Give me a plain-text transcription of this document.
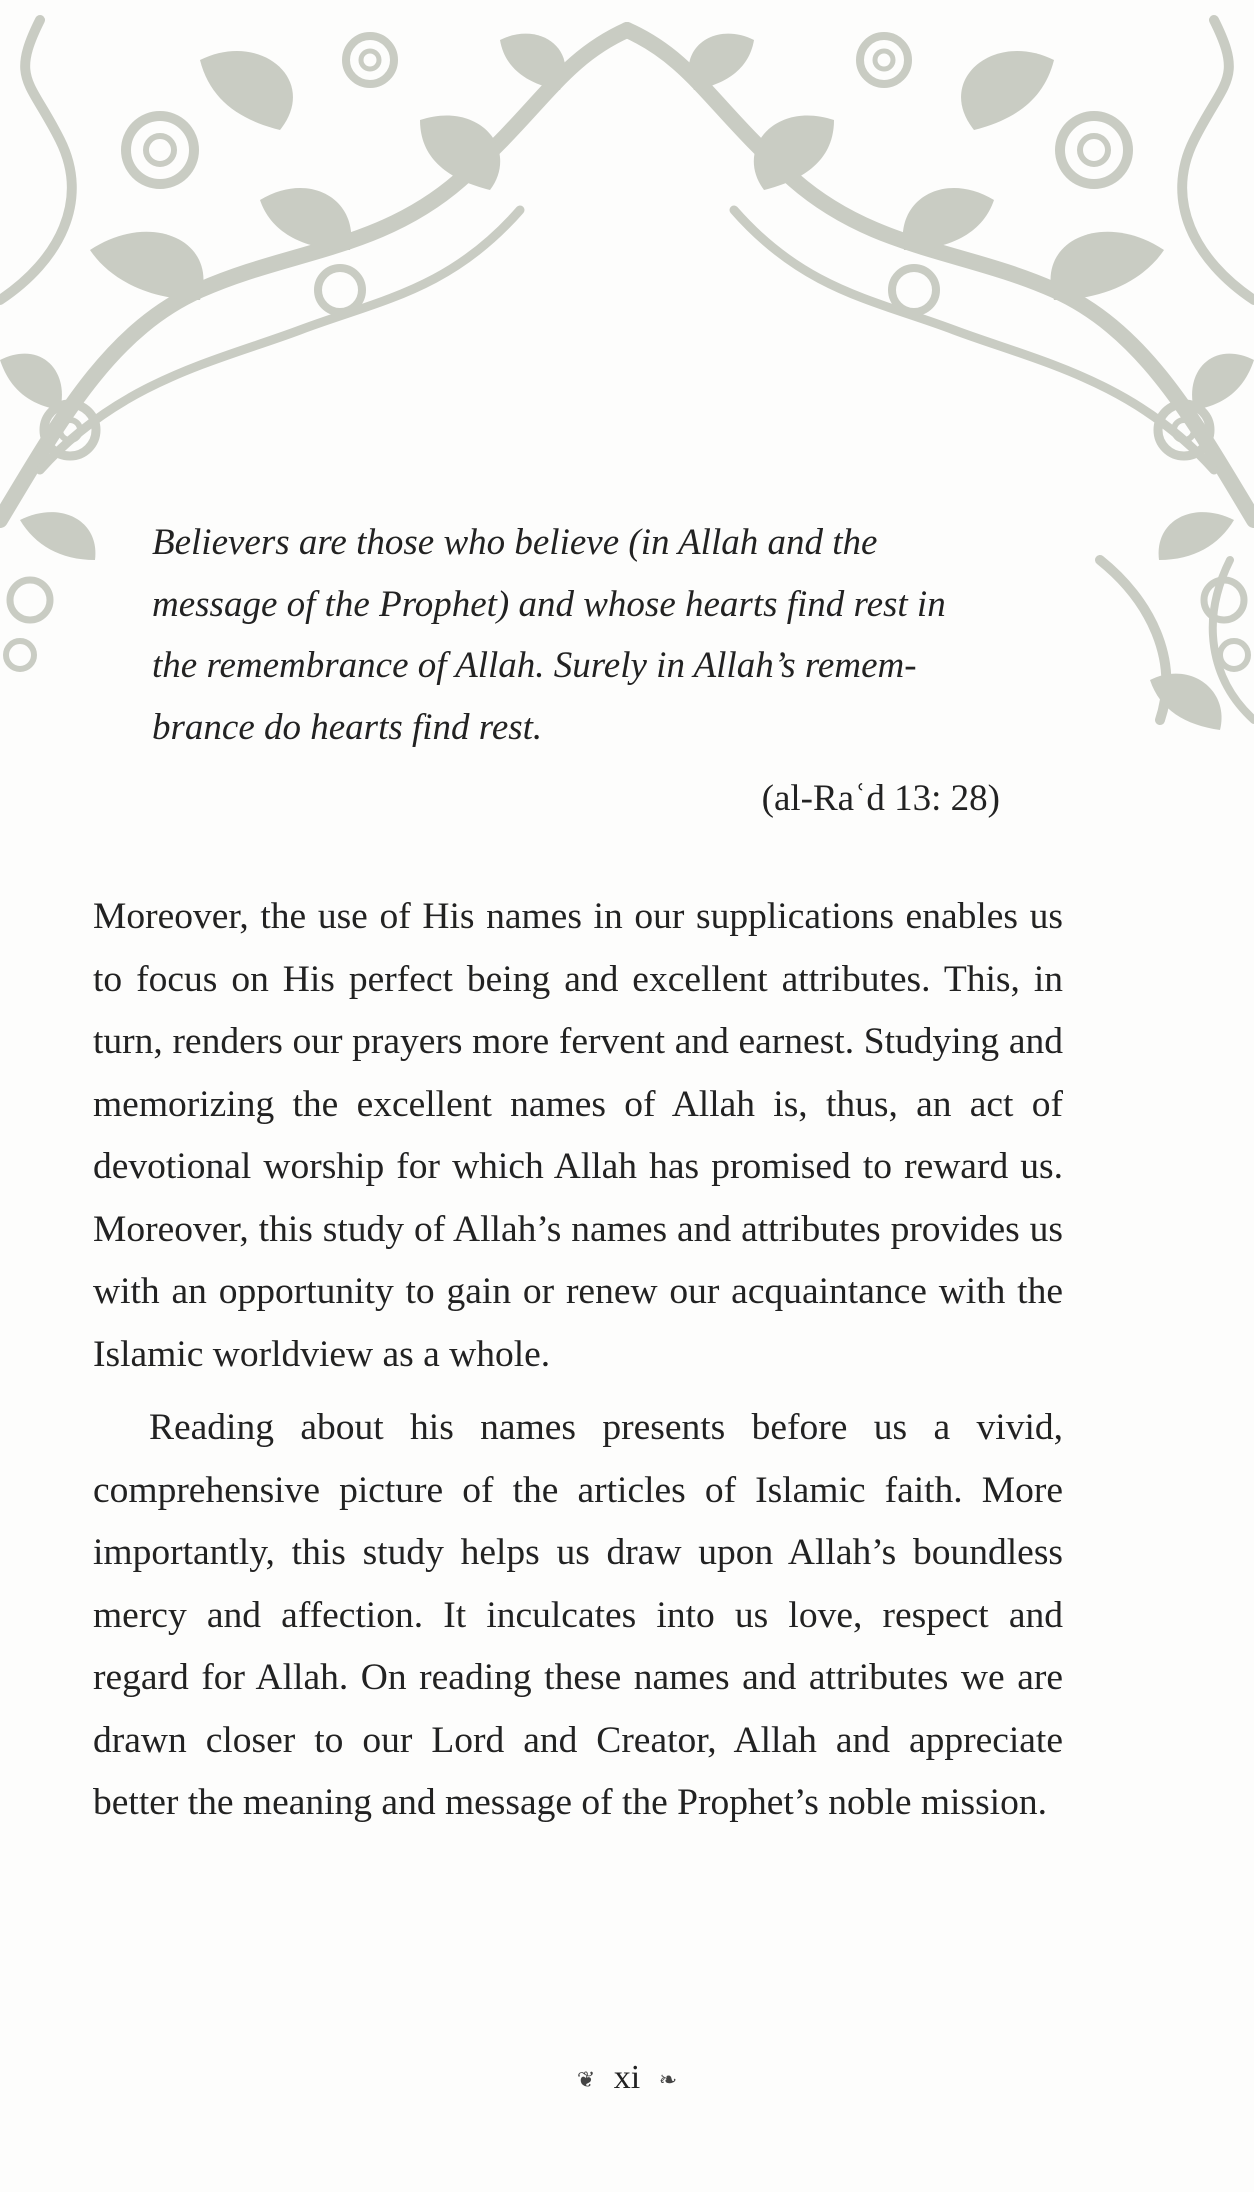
Believers are those who believe (in Allah and the
message of the Prophet) and whose hearts find rest in
the remembrance of Allah. Surely in Allah’s remem-
brance do hearts find rest.
(al-Raʿd 13: 28)

Moreover, the use of His names in our supplications enables us to focus on His perfect being and excellent attributes. This, in turn, renders our prayers more fervent and earnest. Studying and memorizing the excellent names of Allah is, thus, an act of devotional worship for which Allah has promised to reward us. Moreover, this study of Allah’s names and attributes provides us with an opportunity to gain or renew our acquaintance with the Islamic worldview as a whole.

Reading about his names presents before us a vivid, comprehensive picture of the articles of Islamic faith. More importantly, this study helps us draw upon Allah’s boundless mercy and affection. It inculcates into us love, respect and regard for Allah. On reading these names and attributes we are drawn closer to our Lord and Creator, Allah and appreciate better the meaning and message of the Prophet’s noble mission.

❦ xi ❧
